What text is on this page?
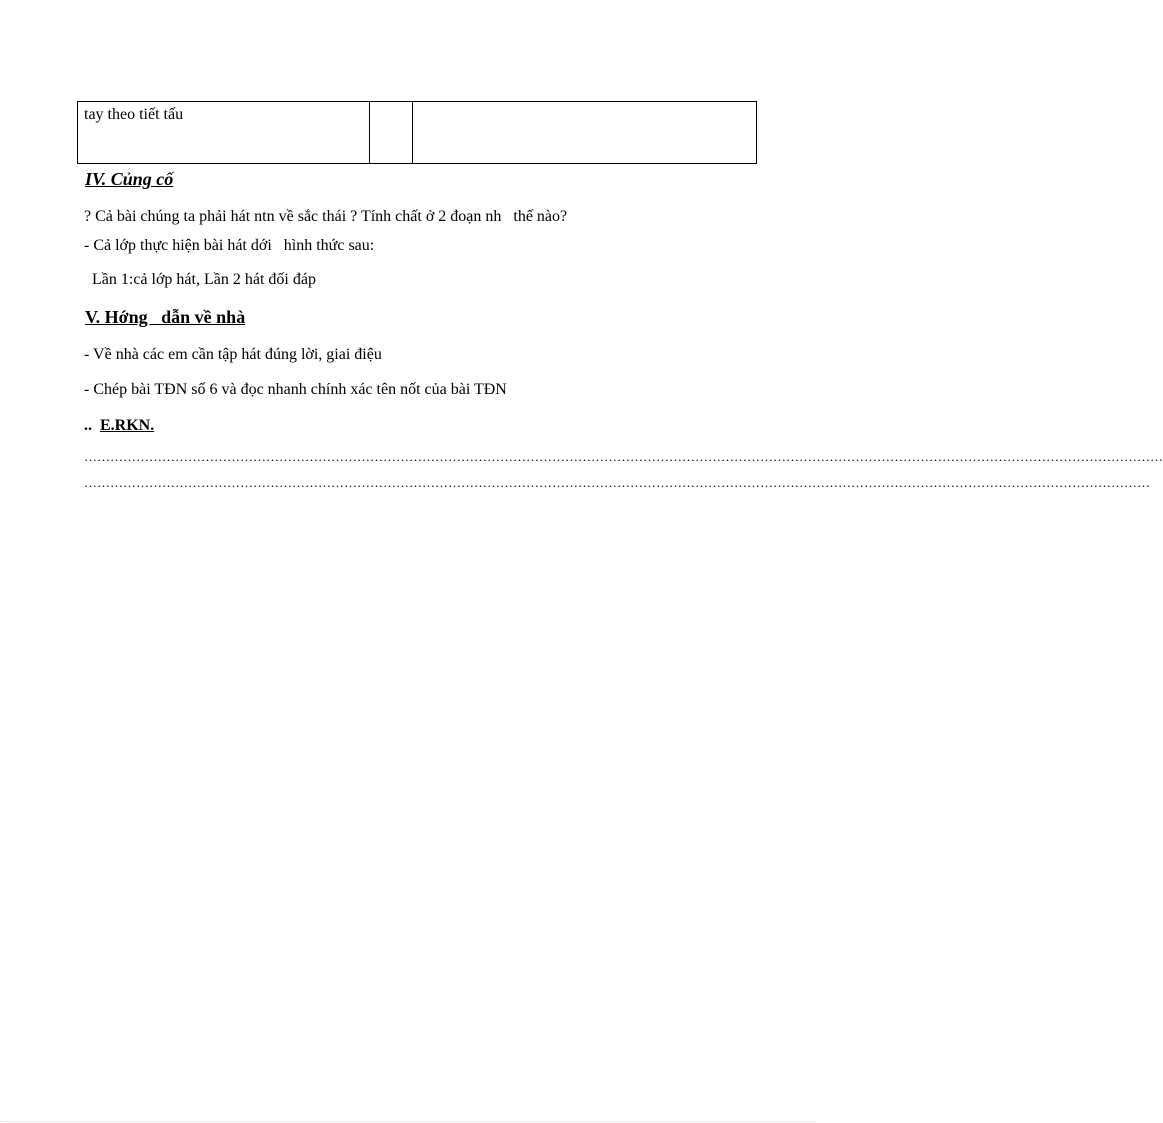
tay theo tiết tấu		
IV. Củng cố
? Cả bài chúng ta phải hát ntn về sắc thái ? Tính chất ở 2 đoạn nh   thế nào?
- Cả lớp thực hiện bài hát dới   hình thức sau:
Lần 1:cả lớp hát, Lần 2 hát đối đáp
V. Hớng   dẫn về nhà
- Về nhà các em cần tập hát đúng lời, giai điệu
- Chép bài TĐN số 6 và đọc nhanh chính xác tên nốt của bài TĐN
.. E.RKN.
……………………………………………………………………………………………………………………………………………………………………………………………………………………………
…………………………………………………………………………………………………………………………………………………………………………………………………………………………
